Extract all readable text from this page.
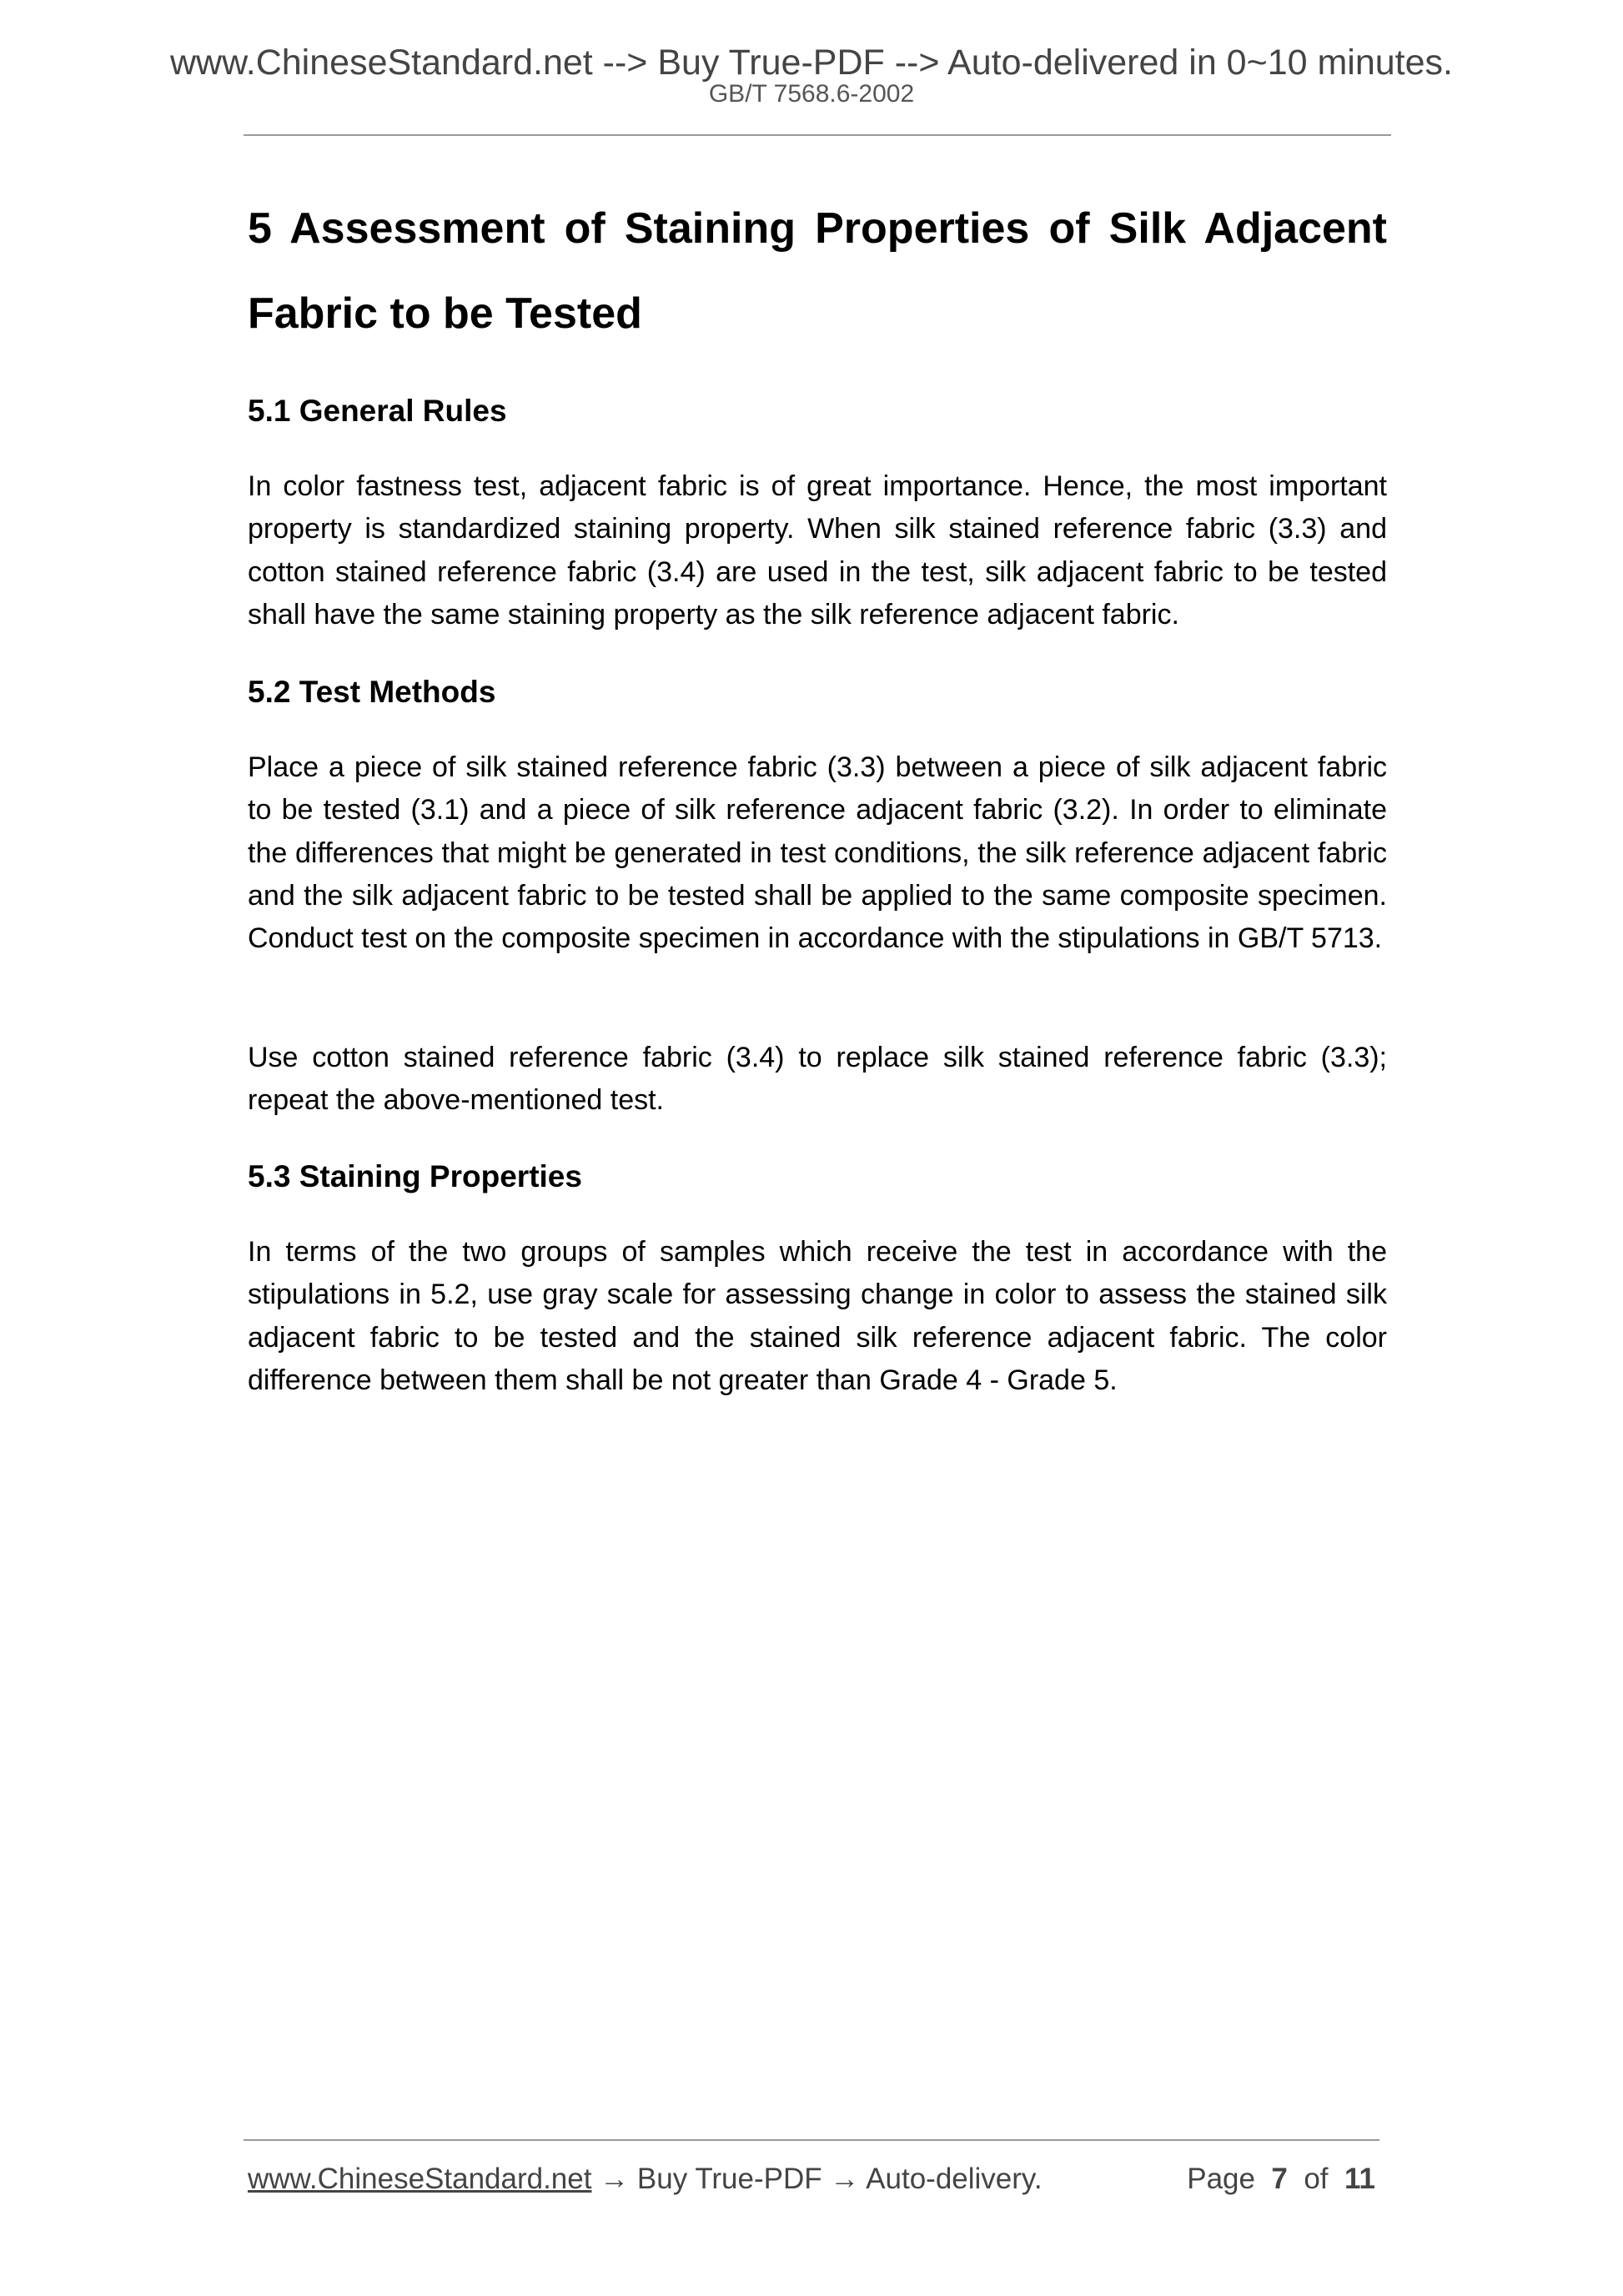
www.ChineseStandard.net --> Buy True-PDF --> Auto-delivered in 0~10 minutes.
GB/T 7568.6-2002
5 Assessment of Staining Properties of Silk Adjacent Fabric to be Tested
5.1 General Rules

In color fastness test, adjacent fabric is of great importance. Hence, the most important property is standardized staining property. When silk stained reference fabric (3.3) and cotton stained reference fabric (3.4) are used in the test, silk adjacent fabric to be tested shall have the same staining property as the silk reference adjacent fabric.

5.2 Test Methods

Place a piece of silk stained reference fabric (3.3) between a piece of silk adjacent fabric to be tested (3.1) and a piece of silk reference adjacent fabric (3.2). In order to eliminate the differences that might be generated in test conditions, the silk reference adjacent fabric and the silk adjacent fabric to be tested shall be applied to the same composite specimen. Conduct test on the composite specimen in accordance with the stipulations in GB/T 5713.

Use cotton stained reference fabric (3.4) to replace silk stained reference fabric (3.3); repeat the above-mentioned test.

5.3 Staining Properties

In terms of the two groups of samples which receive the test in accordance with the stipulations in 5.2, use gray scale for assessing change in color to assess the stained silk adjacent fabric to be tested and the stained silk reference adjacent fabric. The color difference between them shall be not greater than Grade 4 - Grade 5.

www.ChineseStandard.net → Buy True-PDF → Auto-delivery.	Page 7 of 11
